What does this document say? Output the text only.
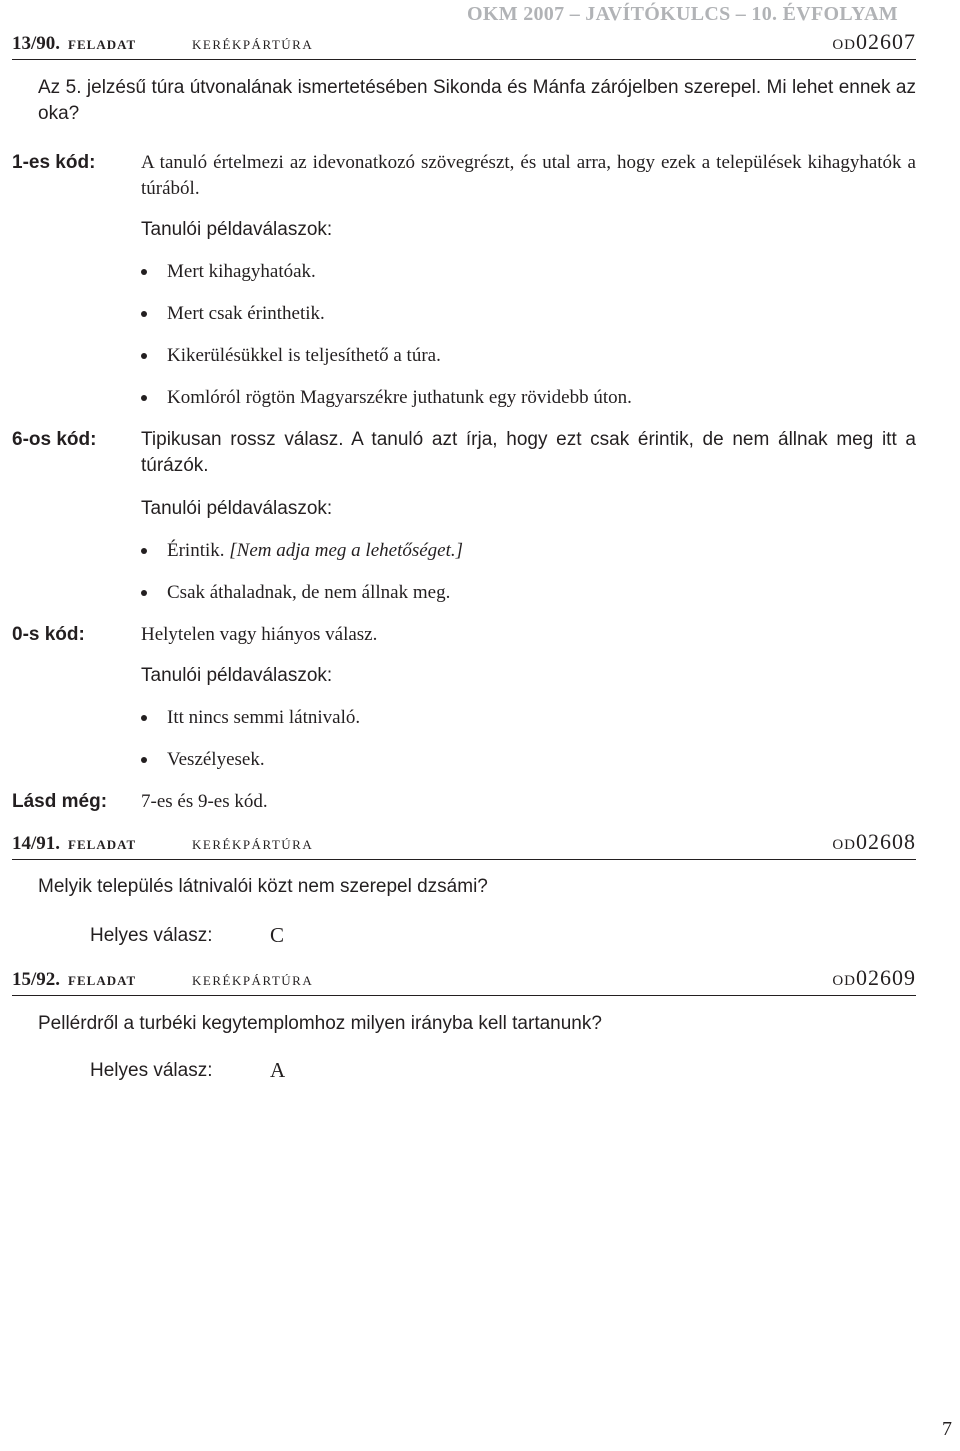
OKM 2007 – JAVÍTÓKULCS – 10. ÉVFOLYAM
13/90. feladat	kerékpártúra	od02607
Az 5. jelzésű túra útvonalának ismertetésében Sikonda és Mánfa zárójelben szerepel. Mi lehet ennek az oka?
1-es kód: A tanuló értelmezi az idevonatkozó szövegrészt, és utal arra, hogy ezek a települések kihagyhatók a túrából.
Tanulói példaválaszok:
Mert kihagyhatóak.
Mert csak érinthetik.
Kikerülésükkel is teljesíthető a túra.
Komlóról rögtön Magyarszékre juthatunk egy rövidebb úton.
6-os kód: Tipikusan rossz válasz. A tanuló azt írja, hogy ezt csak érintik, de nem állnak meg itt a túrázók.
Tanulói példaválaszok:
Érintik. [Nem adja meg a lehetőséget.]
Csak áthaladnak, de nem állnak meg.
0-s kód:	Helytelen vagy hiányos válasz.
Tanulói példaválaszok:
Itt nincs semmi látnivaló.
Veszélyesek.
Lásd még: 7-es és 9-es kód.
14/91. feladat	kerékpártúra	od02608
Melyik település látnivalói közt nem szerepel dzsámi?
Helyes válasz:	C
15/92. feladat	kerékpártúra	od02609
Pellérdről a turbéki kegytemplomhoz milyen irányba kell tartanunk?
Helyes válasz:	A
7
